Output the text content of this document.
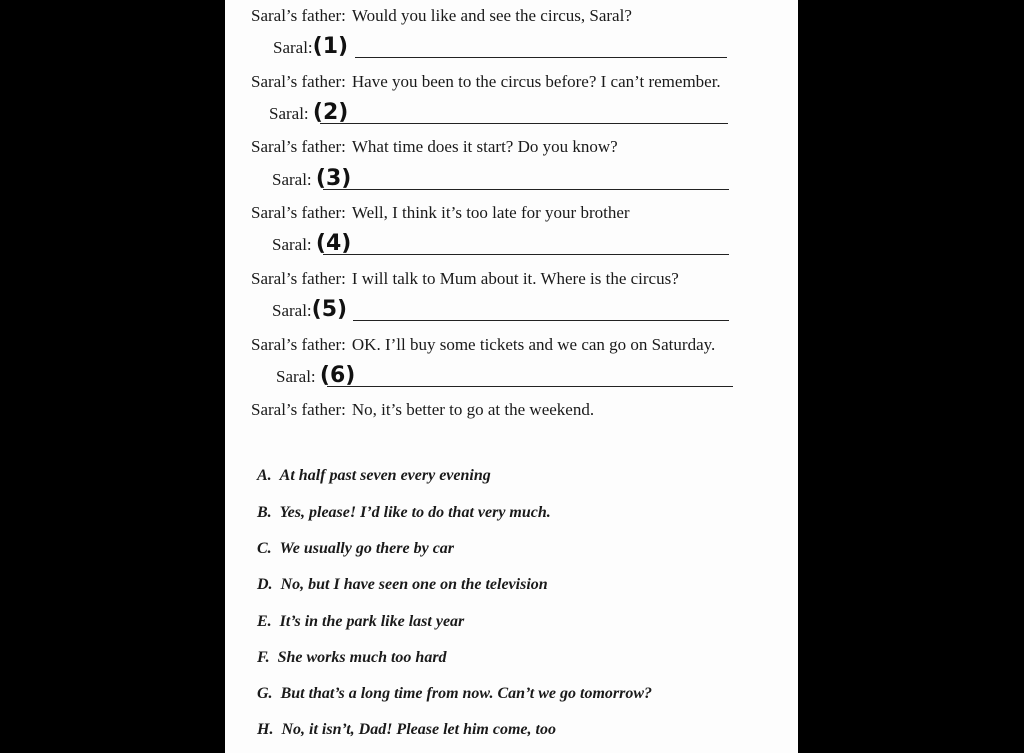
Saral’s father: Would you like and see the circus, Saral?
Saral:(1)
Saral’s father: Have you been to the circus before? I can’t remember.
Saral: (2)
Saral’s father: What time does it start? Do you know?
Saral: (3)
Saral’s father: Well, I think it’s too late for your brother
Saral: (4)
Saral’s father: I will talk to Mum about it. Where is the circus?
Saral:(5)
Saral’s father: OK. I’ll buy some tickets and we can go on Saturday.
Saral: (6)
Saral’s father: No, it’s better to go at the weekend.
A. At half past seven every evening
B. Yes, please! I’d like to do that very much.
C. We usually go there by car
D. No, but I have seen one on the television
E. It’s in the park like last year
F. She works much too hard
G. But that’s a long time from now. Can’t we go tomorrow?
H. No, it isn’t, Dad! Please let him come, too
